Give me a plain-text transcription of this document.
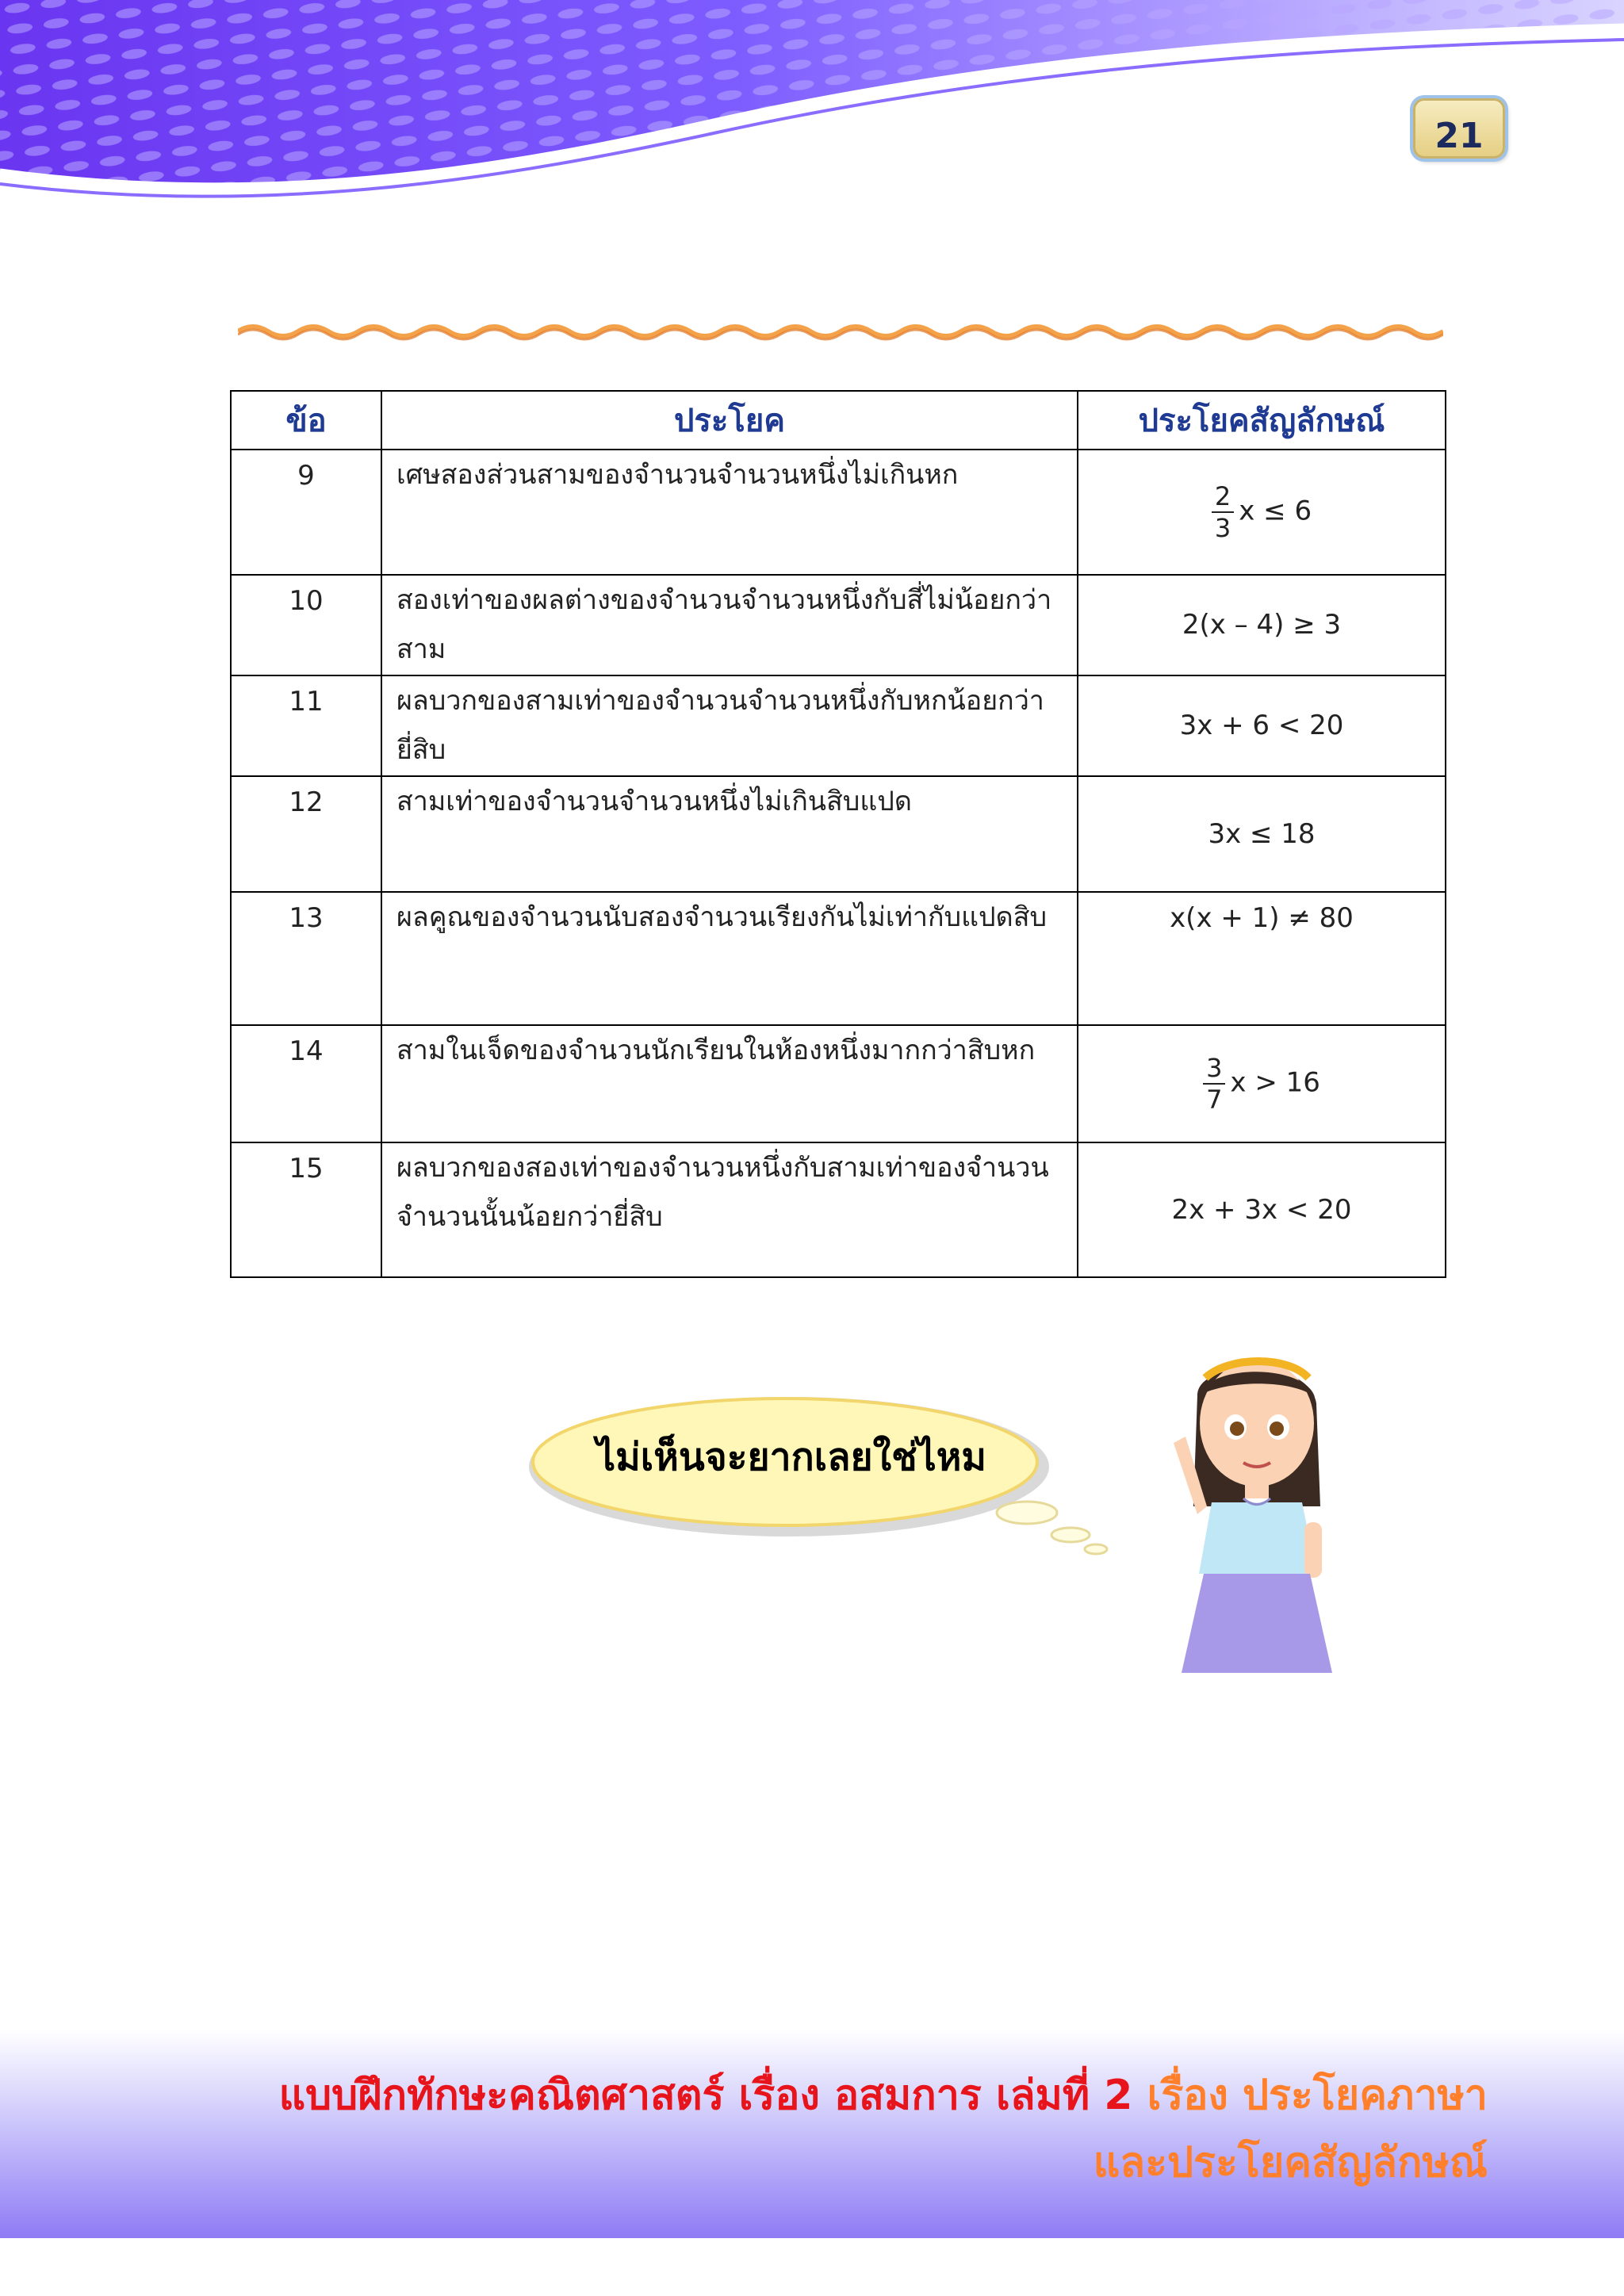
21
ข้อ	ประโยค	ประโยคสัญลักษณ์
9	เศษสองส่วนสามของจำนวนจำนวนหนึ่งไม่เกินหก	$\frac{2}{3}$ x ≤ 6
10	สองเท่าของผลต่างของจำนวนจำนวนหนึ่งกับสี่ไม่น้อยกว่าสาม	2(x – 4) ≥ 3
11	ผลบวกของสามเท่าของจำนวนจำนวนหนึ่งกับหกน้อยกว่ายี่สิบ	3x + 6 < 20
12	สามเท่าของจำนวนจำนวนหนึ่งไม่เกินสิบแปด	3x ≤ 18
13	ผลคูณของจำนวนนับสองจำนวนเรียงกันไม่เท่ากับแปดสิบ	x(x + 1) ≠ 80
14	สามในเจ็ดของจำนวนนักเรียนในห้องหนึ่งมากกว่าสิบหก	$\frac{3}{7}$ x > 16
15	ผลบวกของสองเท่าของจำนวนหนึ่งกับสามเท่าของจำนวนจำนวนนั้นน้อยกว่ายี่สิบ	2x + 3x < 20
ไม่เห็นจะยากเลยใช่ไหม
แบบฝึกทักษะคณิตศาสตร์ เรื่อง อสมการ เล่มที่ 2 เรื่อง ประโยคภาษา
และประโยคสัญลักษณ์
